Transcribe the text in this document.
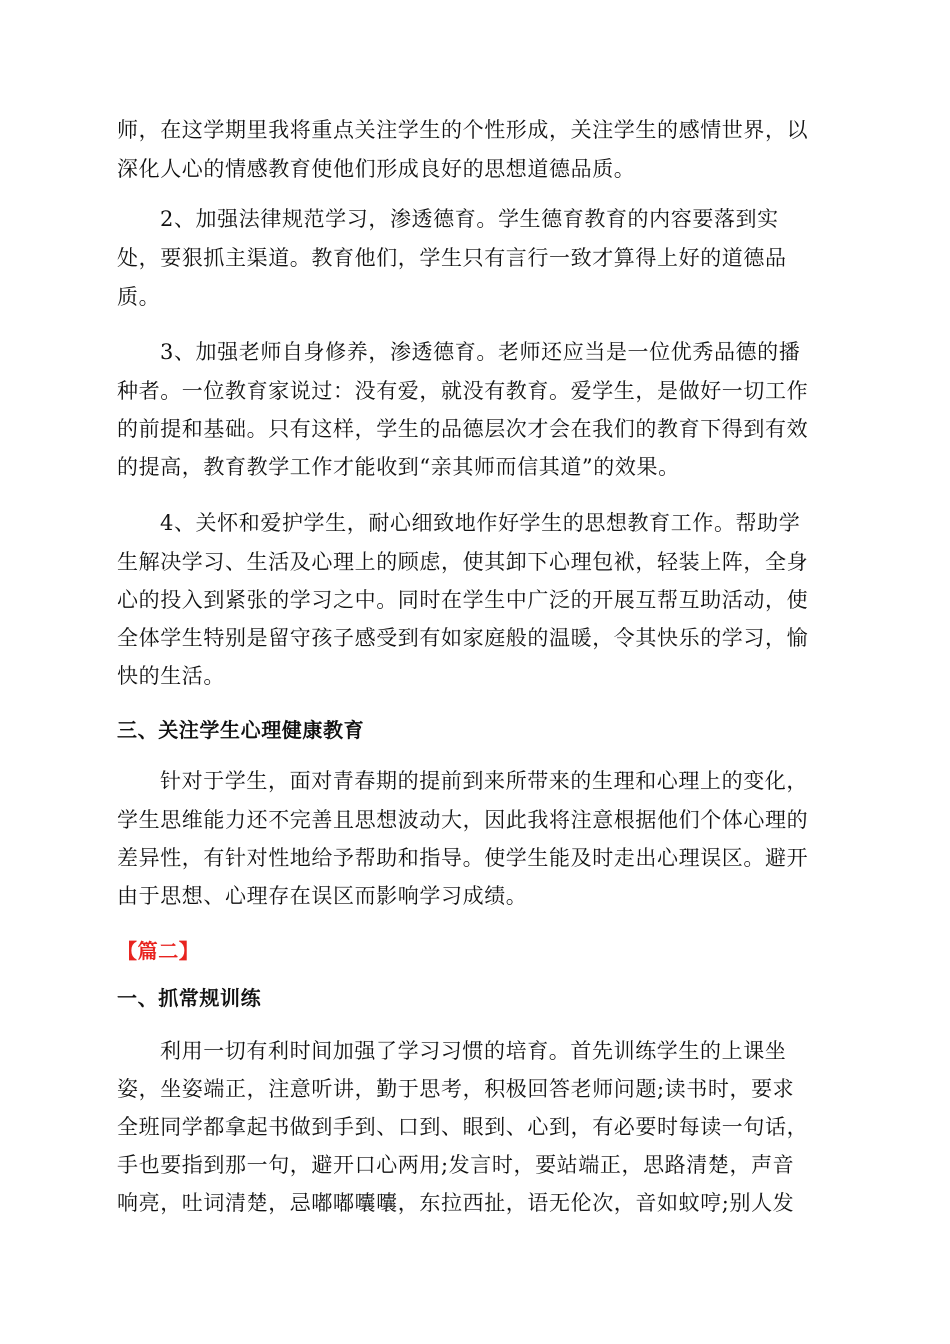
师，在这学期里我将重点关注学生的个性形成，关注学生的感情世界，以
深化人心的情感教育使他们形成良好的思想道德品质。
2、加强法律规范学习，渗透德育。学生德育教育的内容要落到实
处，要狠抓主渠道。教育他们，学生只有言行一致才算得上好的道德品
质。
3、加强老师自身修养，渗透德育。老师还应当是一位优秀品德的播
种者。一位教育家说过：没有爱，就没有教育。爱学生，是做好一切工作
的前提和基础。只有这样，学生的品德层次才会在我们的教育下得到有效
的提高，教育教学工作才能收到“亲其师而信其道”的效果。
4、关怀和爱护学生，耐心细致地作好学生的思想教育工作。帮助学
生解决学习、生活及心理上的顾虑，使其卸下心理包袱，轻装上阵，全身
心的投入到紧张的学习之中。同时在学生中广泛的开展互帮互助活动，使
全体学生特别是留守孩子感受到有如家庭般的温暖，令其快乐的学习，愉
快的生活。
三、关注学生心理健康教育
针对于学生，面对青春期的提前到来所带来的生理和心理上的变化，
学生思维能力还不完善且思想波动大，因此我将注意根据他们个体心理的
差异性，有针对性地给予帮助和指导。使学生能及时走出心理误区。避开
由于思想、心理存在误区而影响学习成绩。
【篇二】
一、抓常规训练
利用一切有利时间加强了学习习惯的培育。首先训练学生的上课坐
姿，坐姿端正，注意听讲，勤于思考，积极回答老师问题;读书时，要求
全班同学都拿起书做到手到、口到、眼到、心到，有必要时每读一句话，
手也要指到那一句，避开口心两用;发言时，要站端正，思路清楚，声音
响亮，吐词清楚，忌嘟嘟囔囔，东拉西扯，语无伦次，音如蚊哼;别人发
